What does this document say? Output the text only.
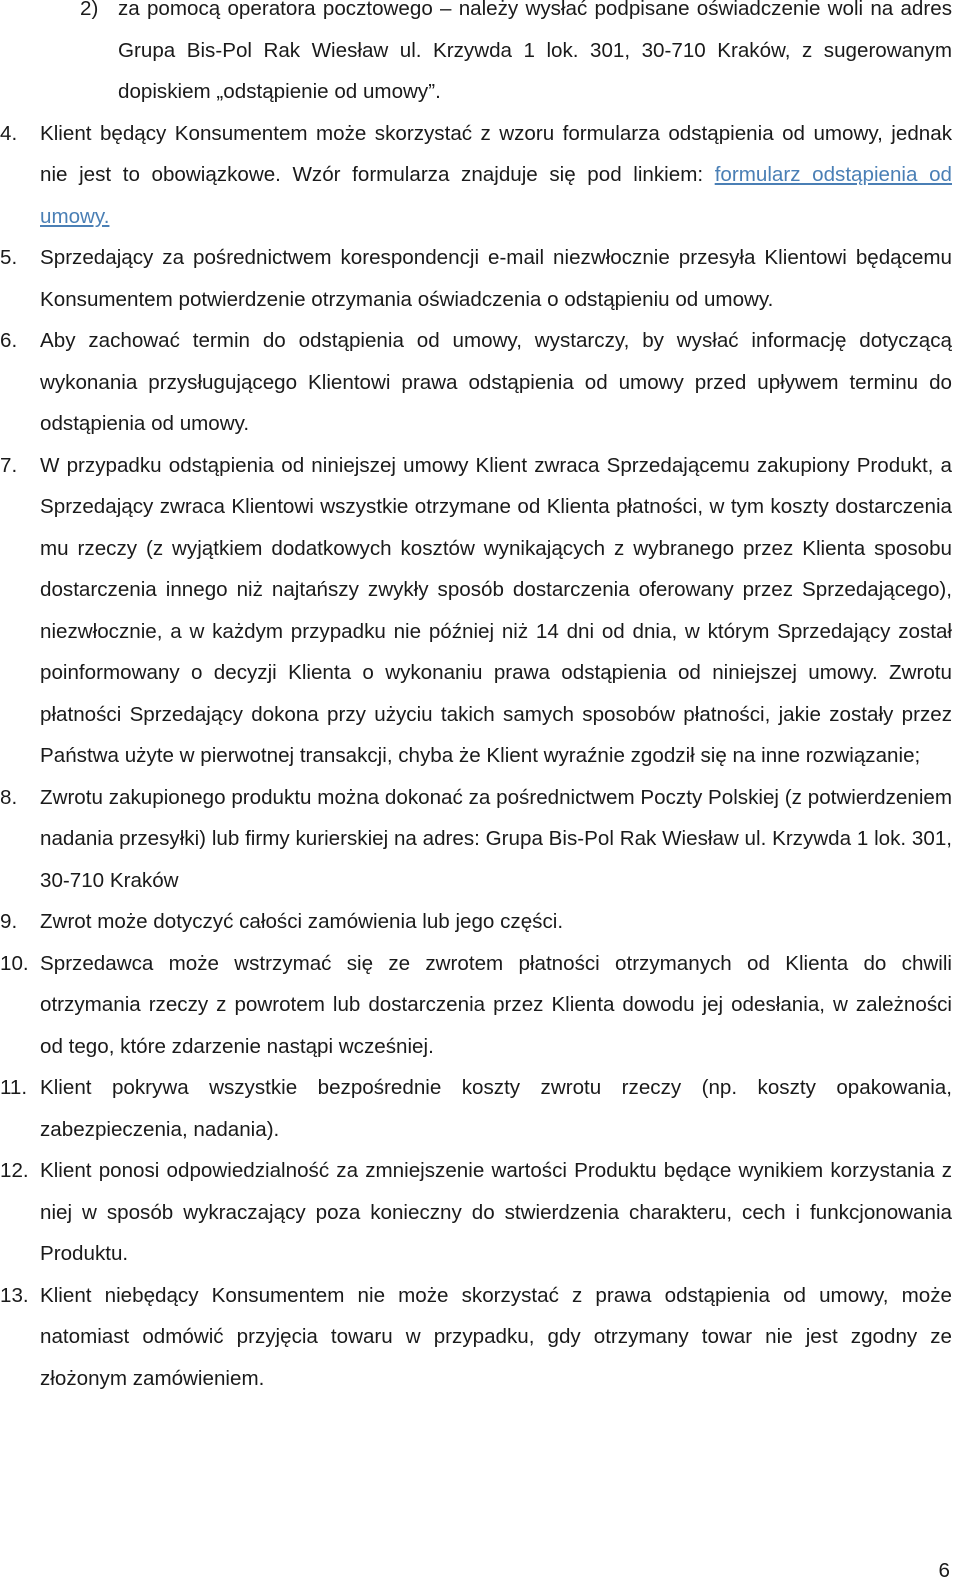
2) za pomocą operatora pocztowego – należy wysłać podpisane oświadczenie woli na adres Grupa Bis-Pol Rak Wiesław ul. Krzywda 1 lok. 301, 30-710 Kraków, z sugerowanym dopiskiem „odstąpienie od umowy”.
4.	Klient będący Konsumentem może skorzystać z wzoru formularza odstąpienia od umowy, jednak nie jest to obowiązkowe. Wzór formularza znajduje się pod linkiem: formularz odstąpienia od umowy.
5.	Sprzedający za pośrednictwem korespondencji e-mail niezwłocznie przesyła Klientowi będącemu Konsumentem potwierdzenie otrzymania oświadczenia o odstąpieniu od umowy.
6.	Aby zachować termin do odstąpienia od umowy, wystarczy, by wysłać informację dotyczącą wykonania przysługującego Klientowi prawa odstąpienia od umowy przed upływem terminu do odstąpienia od umowy.
7.	W przypadku odstąpienia od niniejszej umowy Klient zwraca Sprzedającemu zakupiony Produkt, a Sprzedający zwraca Klientowi wszystkie otrzymane od Klienta płatności, w tym koszty dostarczenia mu rzeczy (z wyjątkiem dodatkowych kosztów wynikających z wybranego przez Klienta sposobu dostarczenia innego niż najtańszy zwykły sposób dostarczenia oferowany przez Sprzedającego), niezwłocznie, a w każdym przypadku nie później niż 14 dni od dnia, w którym Sprzedający został poinformowany o decyzji Klienta o wykonaniu prawa odstąpienia od niniejszej umowy. Zwrotu płatności Sprzedający dokona przy użyciu takich samych sposobów płatności, jakie zostały przez Państwa użyte w pierwotnej transakcji, chyba że Klient wyraźnie zgodził się na inne rozwiązanie;
8.	Zwrotu zakupionego produktu można dokonać za pośrednictwem Poczty Polskiej (z potwierdzeniem nadania przesyłki) lub firmy kurierskiej na adres: Grupa Bis-Pol Rak Wiesław ul. Krzywda 1 lok. 301, 30-710 Kraków
9.	Zwrot może dotyczyć całości zamówienia lub jego części.
10. Sprzedawca może wstrzymać się ze zwrotem płatności otrzymanych od Klienta do chwili otrzymania rzeczy z powrotem lub dostarczenia przez Klienta dowodu jej odesłania, w zależności od tego, które zdarzenie nastąpi wcześniej.
11. Klient pokrywa wszystkie bezpośrednie koszty zwrotu rzeczy (np. koszty opakowania, zabezpieczenia, nadania).
12. Klient ponosi odpowiedzialność za zmniejszenie wartości Produktu będące wynikiem korzystania z niej w sposób wykraczający poza konieczny do stwierdzenia charakteru, cech i funkcjonowania Produktu.
13. Klient niebędący Konsumentem nie może skorzystać z prawa odstąpienia od umowy, może natomiast odmówić przyjęcia towaru w przypadku, gdy otrzymany towar nie jest zgodny ze złożonym zamówieniem.
6
